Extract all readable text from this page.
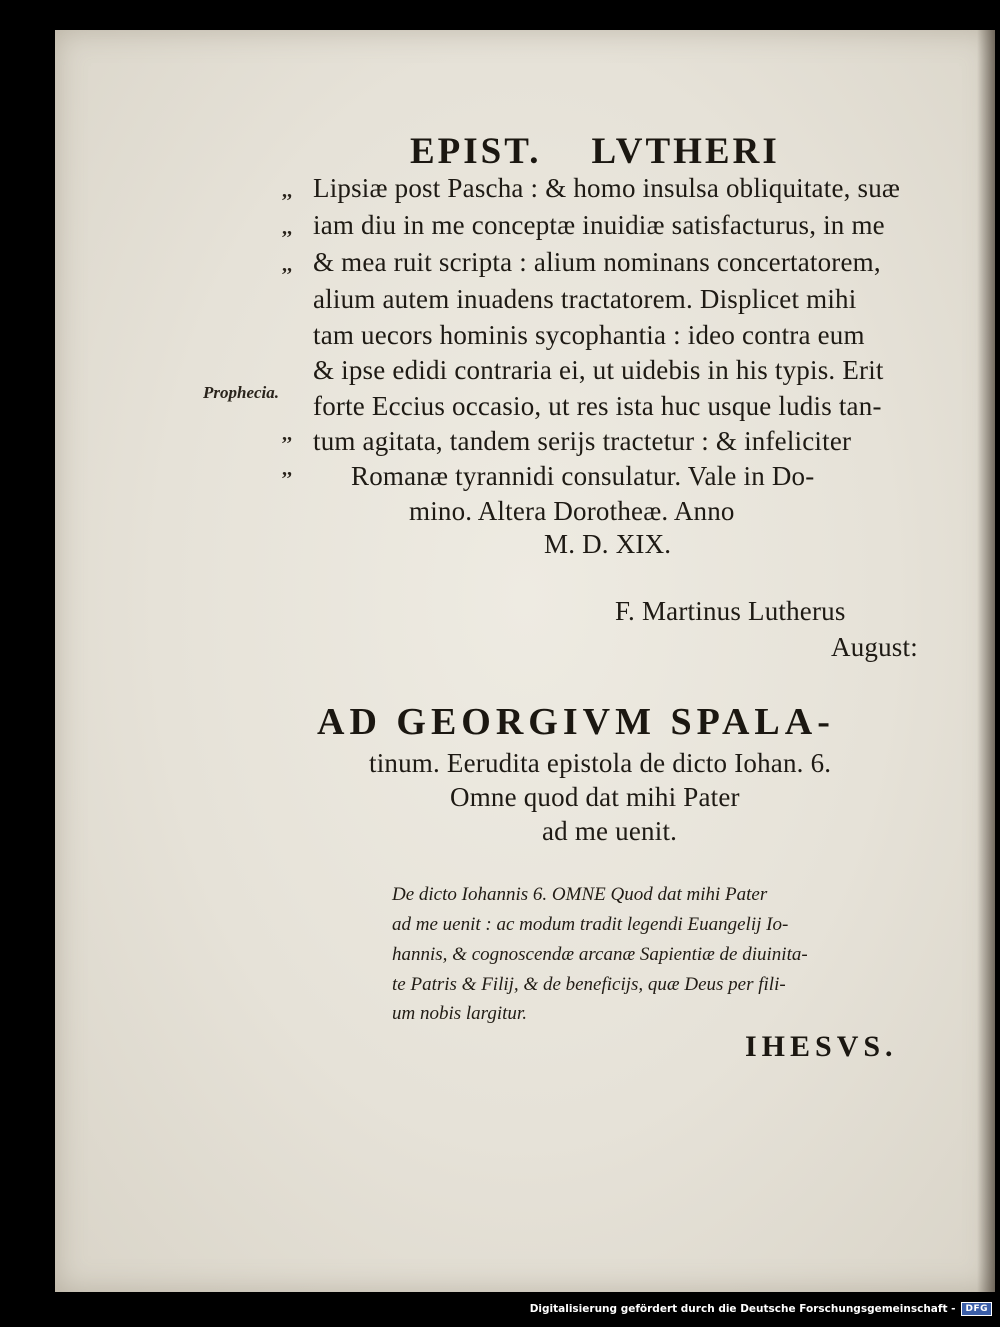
EPIST. LVTHERI
,,
,,
,,
,,
,,
Prophecia.
Lipsiæ post Pascha : & homo insulsa obliquitate, suæ
iam diu in me conceptæ inuidiæ satisfacturus, in me
& mea ruit scripta : alium nominans concertatorem,
alium autem inuadens tractatorem. Displicet mihi
tam uecors hominis sycophantia : ideo contra eum
& ipse edidi contraria ei, ut uidebis in his typis. Erit
forte Eccius occasio, ut res ista huc usque ludis tan-
tum agitata, tandem serijs tractetur : & infeliciter
Romanæ tyrannidi consulatur. Vale in Do-
mino. Altera Dorotheæ. Anno
M. D. XIX.
F. Martinus Lutherus
August:
AD GEORGIVM SPALA-
tinum. Eerudita epistola de dicto Iohan. 6.
Omne quod dat mihi Pater
ad me uenit.
De dicto Iohannis 6. OMNE Quod dat mihi Pater
ad me uenit : ac modum tradit legendi Euangelij Io-
hannis, & cognoscendæ arcanæ Sapientiæ de diuinita-
te Patris & Filij, & de beneficijs, quæ Deus per fili-
um nobis largitur.
IHESVS.
Digitalisierung gefördert durch die Deutsche Forschungsgemeinschaft -	DFG
